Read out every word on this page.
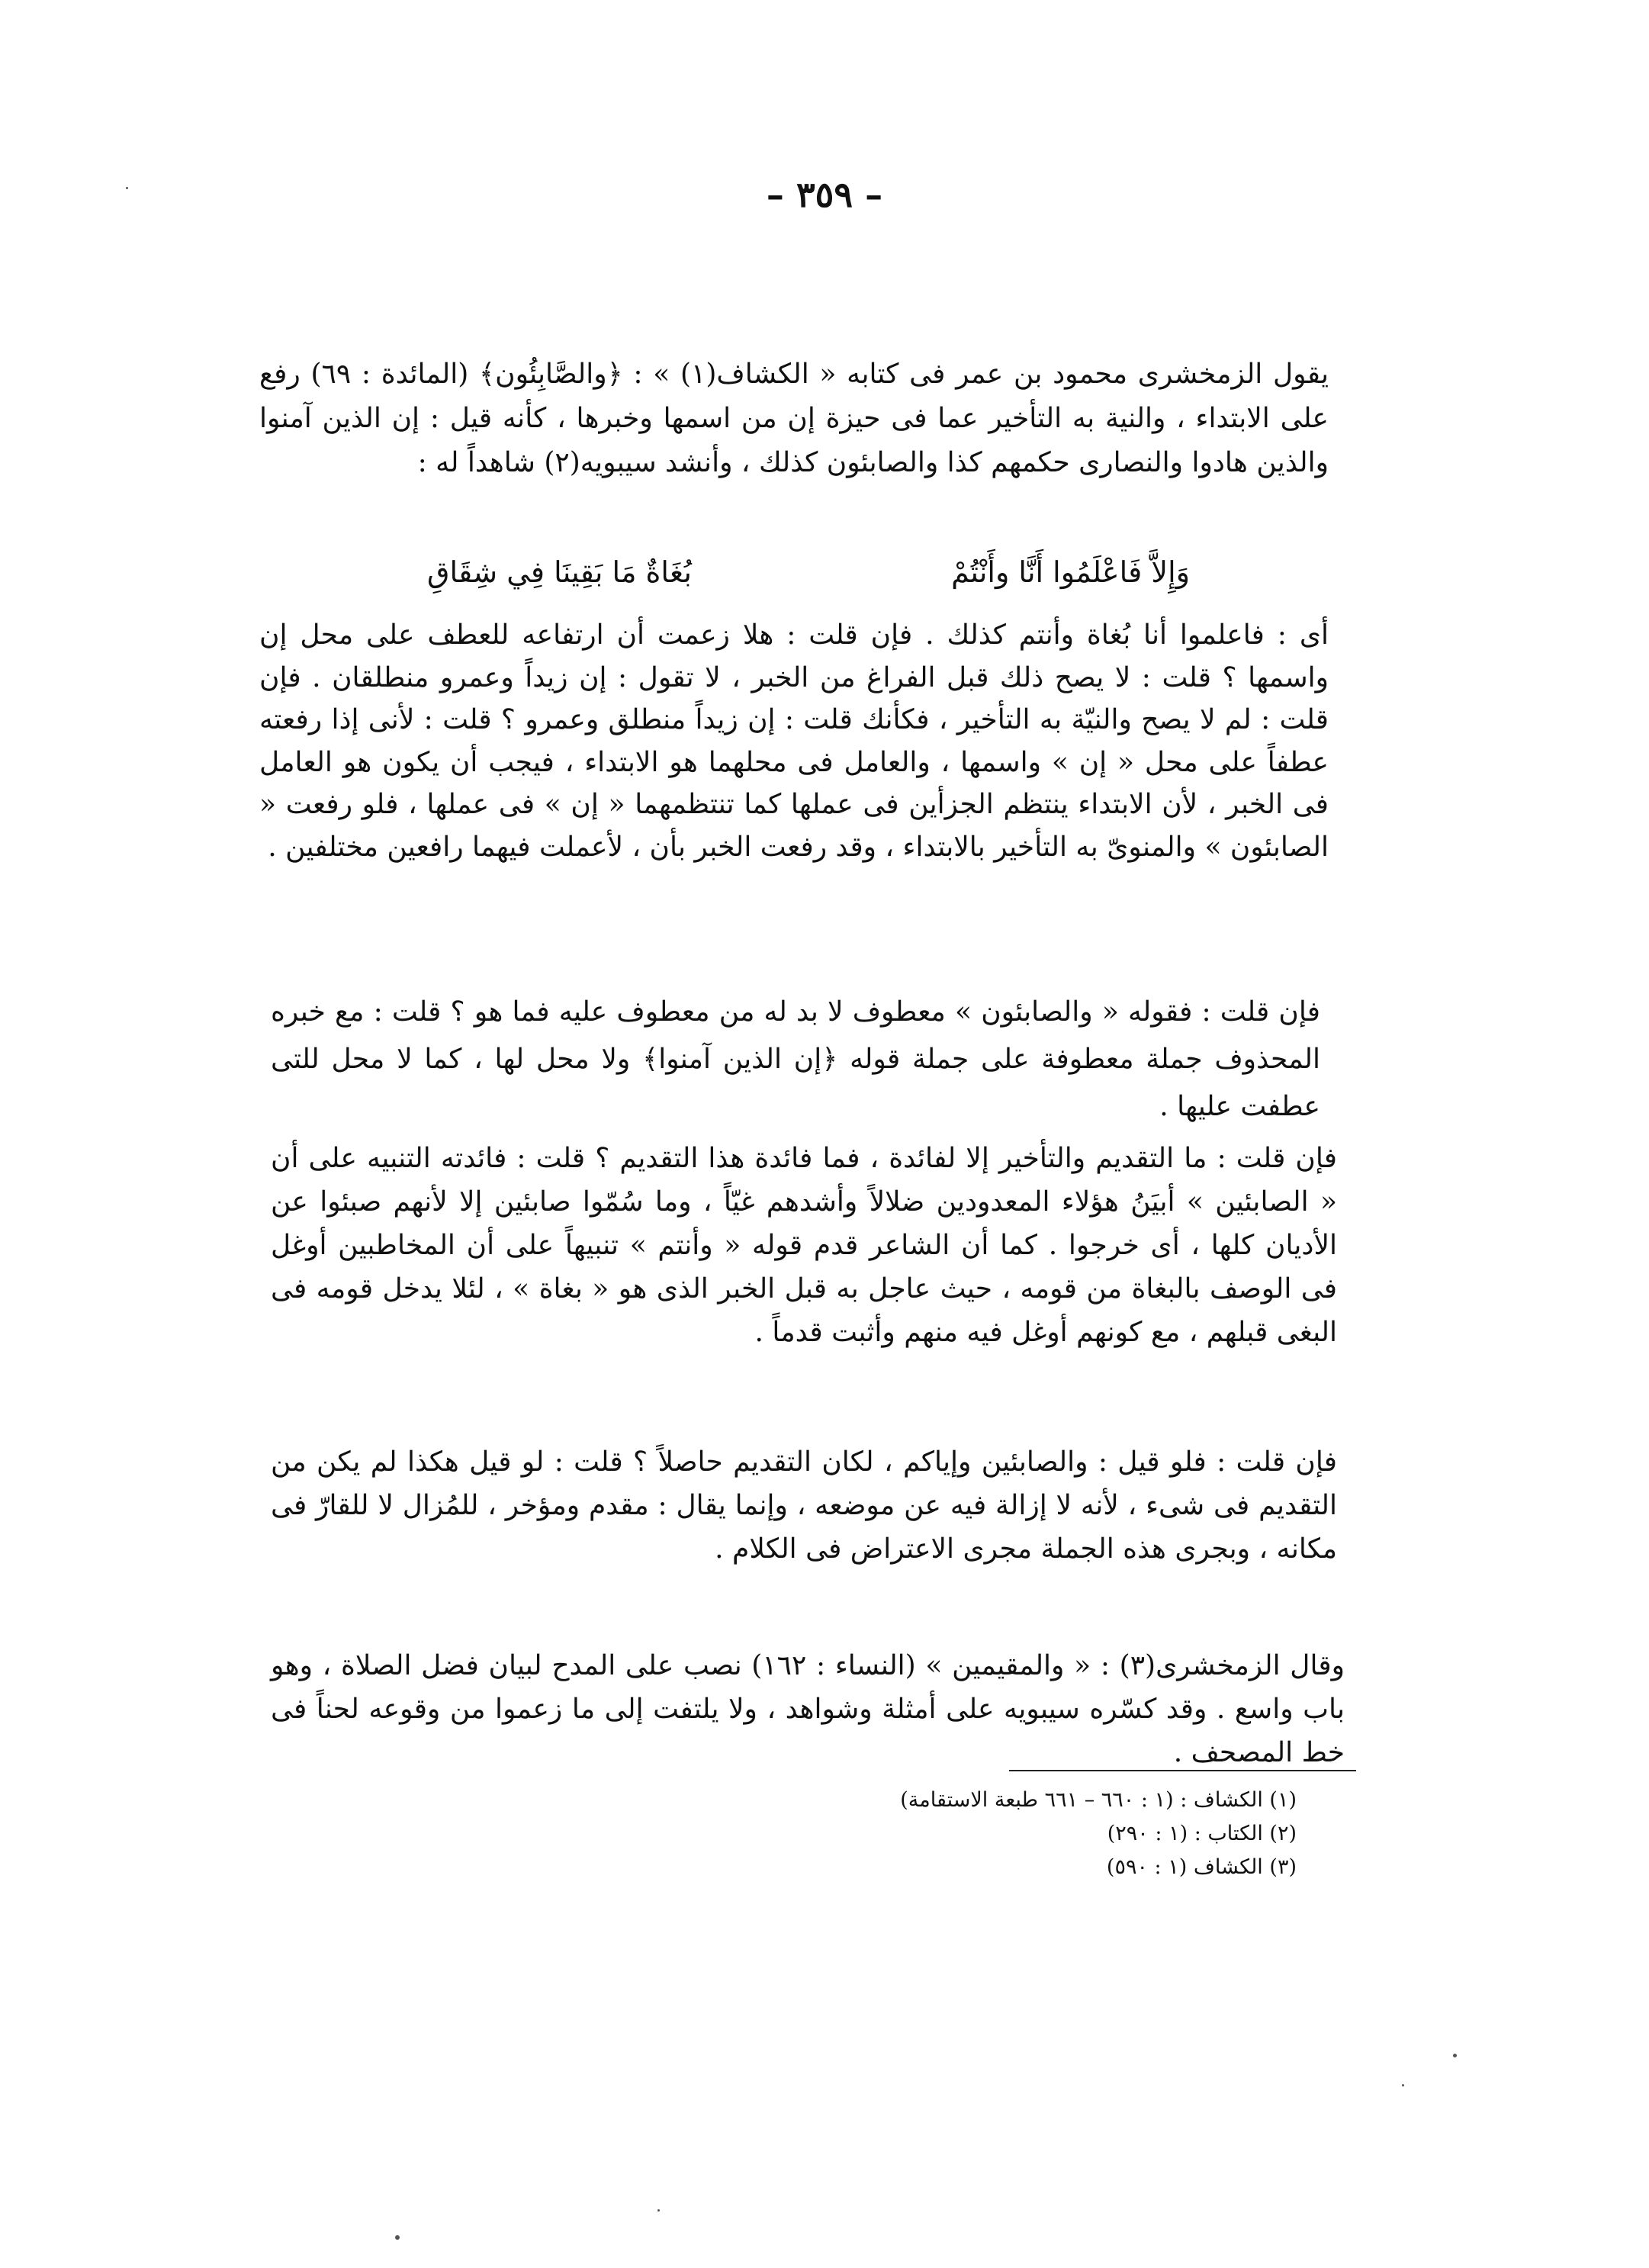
– ٣٥٩ –

يقول الزمخشرى محمود بن عمر فى كتابه « الكشاف(١) » : ﴿والصَّابِئُون﴾ (المائدة : ٦٩) رفع على الابتداء ، والنية به التأخير عما فى حيزة إن من اسمها وخبرها ، كأنه قيل : إن الذين آمنوا والذين هادوا والنصارى حكمهم كذا والصابئون كذلك ، وأنشد سيبويه(٢) شاهداً له :

وَإِلاَّ فَاعْلَمُوا أَنَّا وأَنْتُمْ
بُغَاةٌ مَا بَقِينَا فِي شِقَاقِ

أى : فاعلموا أنا بُغاة وأنتم كذلك . فإن قلت : هلا زعمت أن ارتفاعه للعطف على محل إن واسمها ؟ قلت : لا يصح ذلك قبل الفراغ من الخبر ، لا تقول : إن زيداً وعمرو منطلقان . فإن قلت : لم لا يصح والنيّة به التأخير ، فكأنك قلت : إن زيداً منطلق وعمرو ؟ قلت : لأنى إذا رفعته عطفاً على محل « إن » واسمها ، والعامل فى محلهما هو الابتداء ، فيجب أن يكون هو العامل فى الخبر ، لأن الابتداء ينتظم الجزأين فى عملها كما تنتظمهما « إن » فى عملها ، فلو رفعت « الصابئون » والمنوىّ به التأخير بالابتداء ، وقد رفعت الخبر بأن ، لأعملت فيهما رافعين مختلفين .

فإن قلت : فقوله « والصابئون » معطوف لا بد له من معطوف عليه فما هو ؟ قلت : مع خبره المحذوف جملة معطوفة على جملة قوله ﴿إن الذين آمنوا﴾ ولا محل لها ، كما لا محل للتى عطفت عليها .

فإن قلت : ما التقديم والتأخير إلا لفائدة ، فما فائدة هذا التقديم ؟ قلت : فائدته التنبيه على أن « الصابئين » أبيَنُ هؤلاء المعدودين ضلالاً وأشدهم غيّاً ، وما سُمّوا صابئين إلا لأنهم صبئوا عن الأديان كلها ، أى خرجوا . كما أن الشاعر قدم قوله « وأنتم » تنبيهاً على أن المخاطبين أوغل فى الوصف بالبغاة من قومه ، حيث عاجل به قبل الخبر الذى هو « بغاة » ، لئلا يدخل قومه فى البغى قبلهم ، مع كونهم أوغل فيه منهم وأثبت قدماً .

فإن قلت : فلو قيل : والصابئين وإياكم ، لكان التقديم حاصلاً ؟ قلت : لو قيل هكذا لم يكن من التقديم فى شىء ، لأنه لا إزالة فيه عن موضعه ، وإنما يقال : مقدم ومؤخر ، للمُزال لا للقارّ فى مكانه ، وبجرى هذه الجملة مجرى الاعتراض فى الكلام .

وقال الزمخشرى(٣) : « والمقيمين » (النساء : ١٦٢) نصب على المدح لبيان فضل الصلاة ، وهو باب واسع . وقد كسّره سيبويه على أمثلة وشواهد ، ولا يلتفت إلى ما زعموا من وقوعه لحناً فى خط المصحف .

(١) الكشاف : (١ : ٦٦٠ – ٦٦١ طبعة الاستقامة)
(٢) الكتاب : (١ : ٢٩٠)
(٣) الكشاف (١ : ٥٩٠)
